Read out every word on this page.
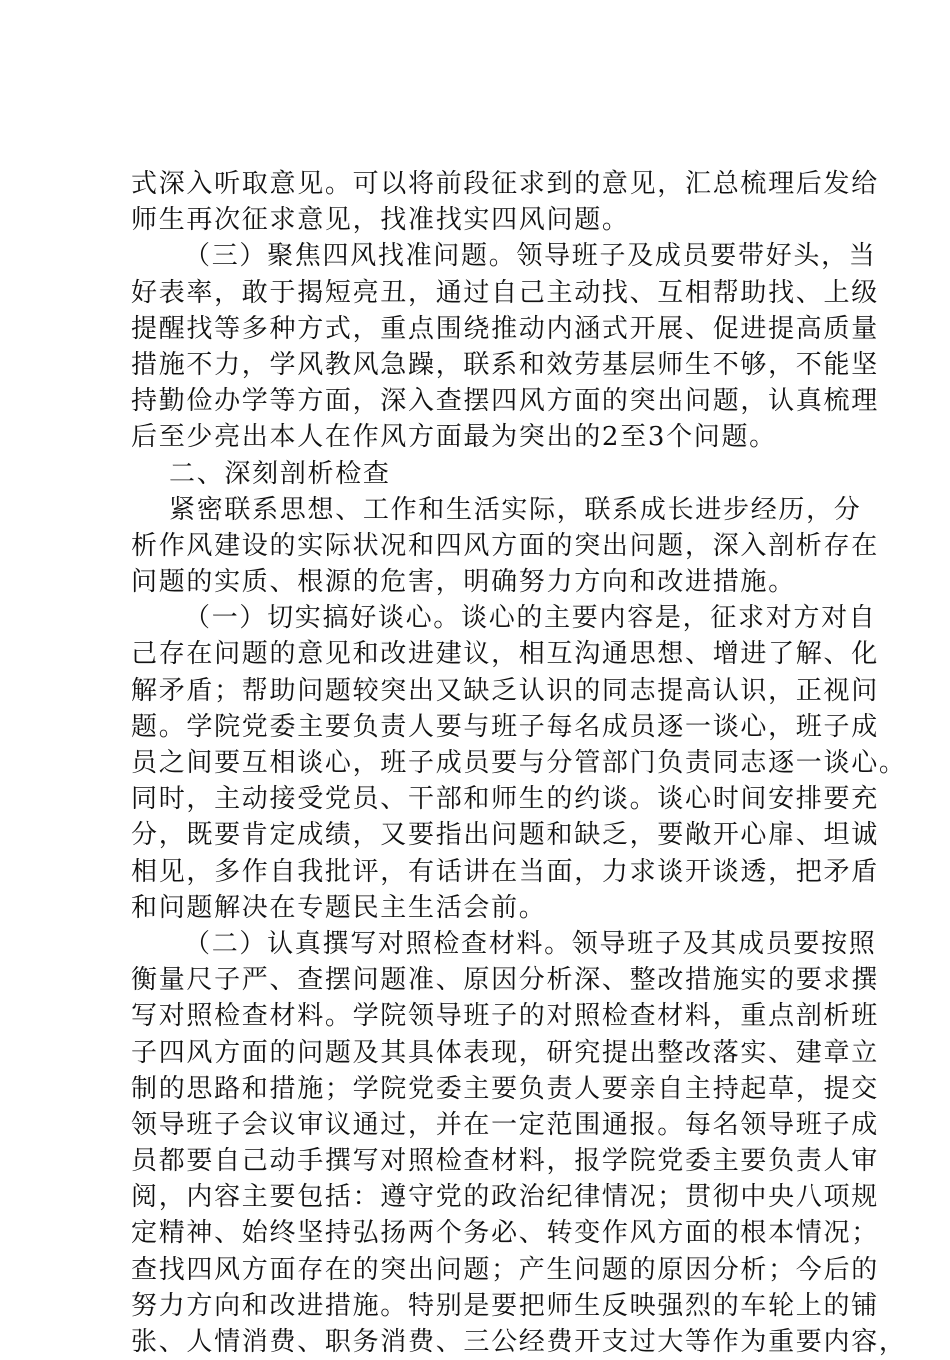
式深入听取意见。可以将前段征求到的意见，汇总梳理后发给
师生再次征求意见，找准找实四风问题。
（三）聚焦四风找准问题。领导班子及成员要带好头，当
好表率，敢于揭短亮丑，通过自己主动找、互相帮助找、上级
提醒找等多种方式，重点围绕推动内涵式开展、促进提高质量
措施不力，学风教风急躁，联系和效劳基层师生不够，不能坚
持勤俭办学等方面，深入查摆四风方面的突出问题，认真梳理
后至少亮出本人在作风方面最为突出的2至3个问题。
二、深刻剖析检查
紧密联系思想、工作和生活实际，联系成长进步经历，分
析作风建设的实际状况和四风方面的突出问题，深入剖析存在
问题的实质、根源的危害，明确努力方向和改进措施。
（一）切实搞好谈心。谈心的主要内容是，征求对方对自
己存在问题的意见和改进建议，相互沟通思想、增进了解、化
解矛盾；帮助问题较突出又缺乏认识的同志提高认识，正视问
题。学院党委主要负责人要与班子每名成员逐一谈心，班子成
员之间要互相谈心，班子成员要与分管部门负责同志逐一谈心。
同时，主动接受党员、干部和师生的约谈。谈心时间安排要充
分，既要肯定成绩，又要指出问题和缺乏，要敞开心扉、坦诚
相见，多作自我批评，有话讲在当面，力求谈开谈透，把矛盾
和问题解决在专题民主生活会前。
（二）认真撰写对照检查材料。领导班子及其成员要按照
衡量尺子严、查摆问题准、原因分析深、整改措施实的要求撰
写对照检查材料。学院领导班子的对照检查材料，重点剖析班
子四风方面的问题及其具体表现，研究提出整改落实、建章立
制的思路和措施；学院党委主要负责人要亲自主持起草，提交
领导班子会议审议通过，并在一定范围通报。每名领导班子成
员都要自己动手撰写对照检查材料，报学院党委主要负责人审
阅，内容主要包括：遵守党的政治纪律情况；贯彻中央八项规
定精神、始终坚持弘扬两个务必、转变作风方面的根本情况；
查找四风方面存在的突出问题；产生问题的原因分析；今后的
努力方向和改进措施。特别是要把师生反映强烈的车轮上的铺
张、人情消费、职务消费、三公经费开支过大等作为重要内容，
